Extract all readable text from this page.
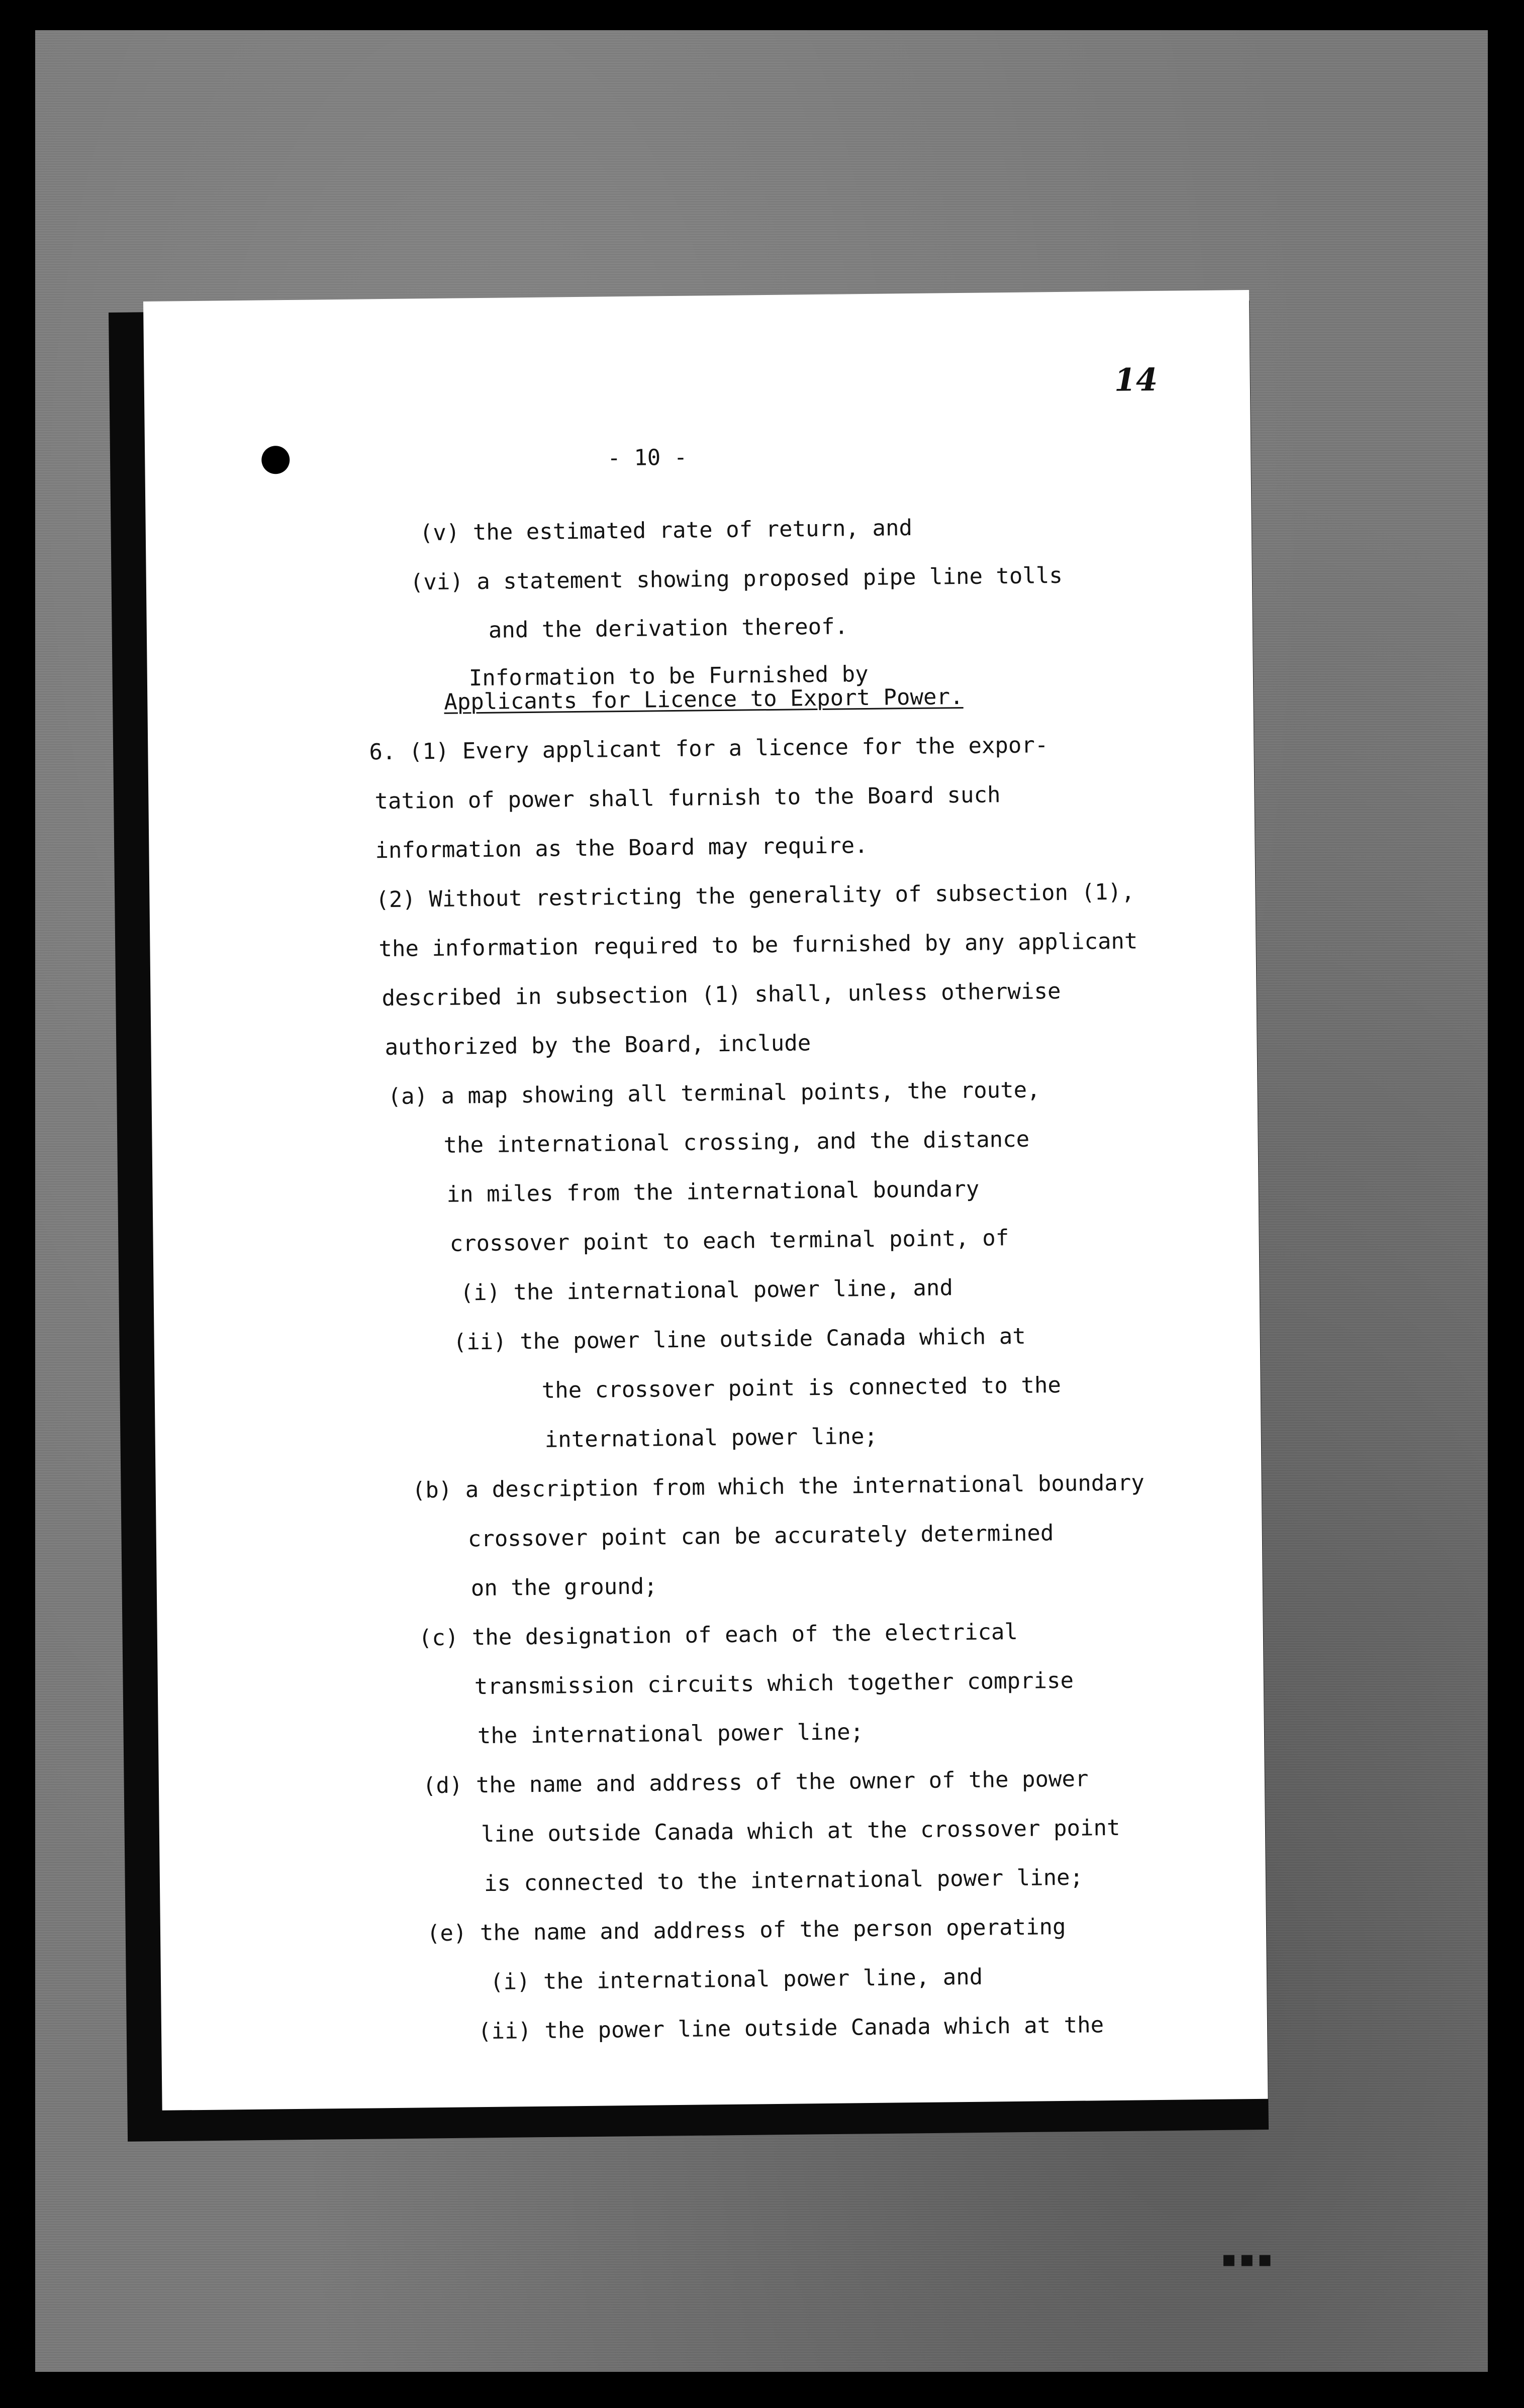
14
- 10 -
(v) the estimated rate of return, and
(vi) a statement showing proposed pipe line tolls
and the derivation thereof.
Information to be Furnished by
Applicants for Licence to Export Power.
6. (1) Every applicant for a licence for the expor-
tation of power shall furnish to the Board such
information as the Board may require.
(2) Without restricting the generality of subsection (1),
the information required to be furnished by any applicant
described in subsection (1) shall, unless otherwise
authorized by the Board, include
(a) a map showing all terminal points, the route,
the international crossing, and the distance
in miles from the international boundary
crossover point to each terminal point, of
(i) the international power line, and
(ii) the power line outside Canada which at
the crossover point is connected to the
international power line;
(b) a description from which the international boundary
crossover point can be accurately determined
on the ground;
(c) the designation of each of the electrical
transmission circuits which together comprise
the international power line;
(d) the name and address of the owner of the power
line outside Canada which at the crossover point
is connected to the international power line;
(e) the name and address of the person operating
(i) the international power line, and
(ii) the power line outside Canada which at the
▪▪▪
